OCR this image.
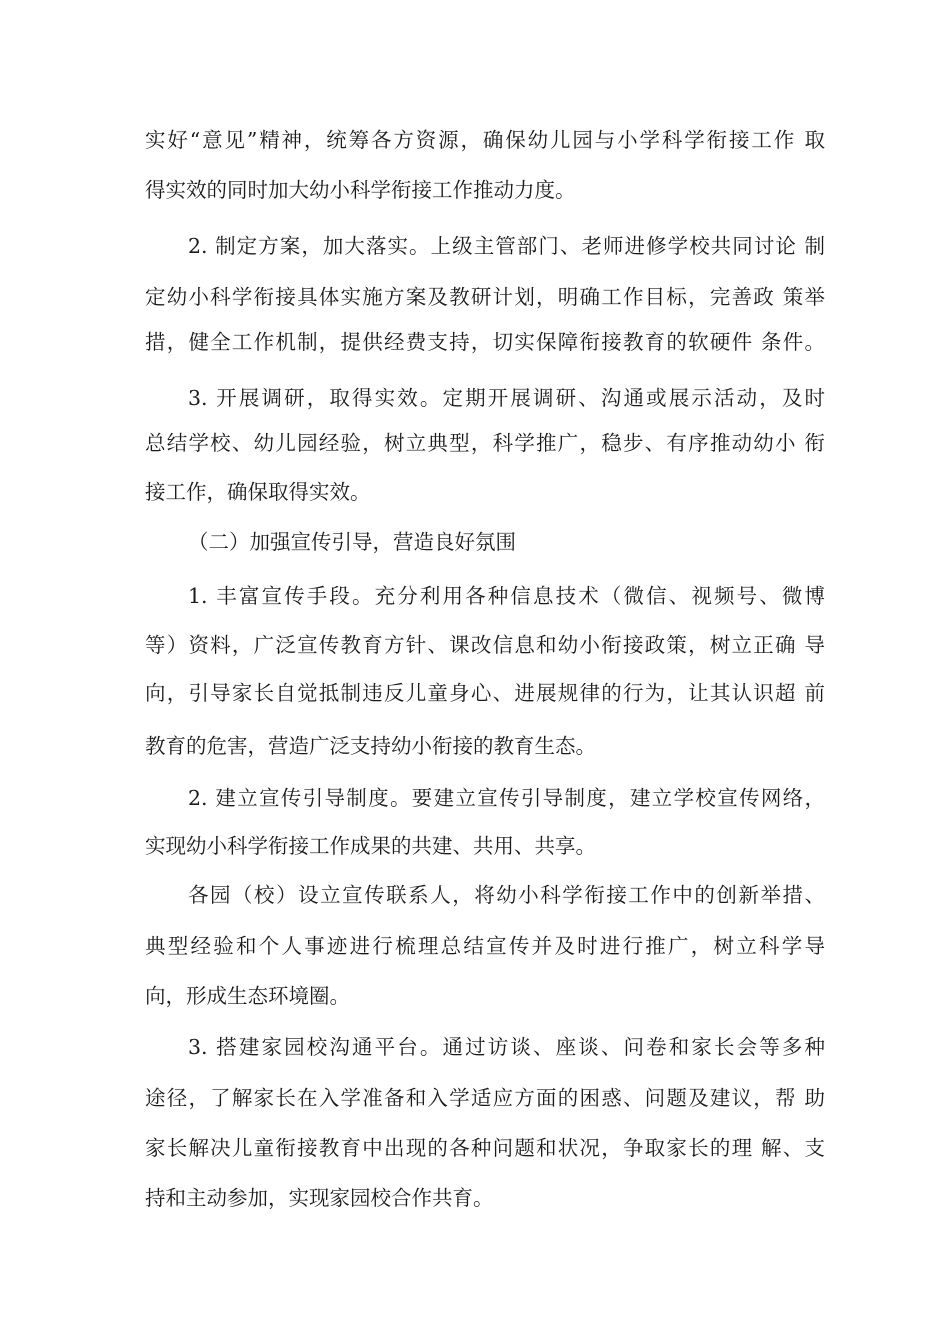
实好“意见”精神，统筹各方资源，确保幼儿园与小学科学衔接工作 取
得实效的同时加大幼小科学衔接工作推动力度。
2. 制定方案，加大落实。上级主管部门、老师进修学校共同讨论 制
定幼小科学衔接具体实施方案及教研计划，明确工作目标，完善政 策举
措，健全工作机制，提供经费支持，切实保障衔接教育的软硬件 条件。
3. 开展调研，取得实效。定期开展调研、沟通或展示活动，及时
总结学校、幼儿园经验，树立典型，科学推广，稳步、有序推动幼小 衔
接工作，确保取得实效。
（二）加强宣传引导，营造良好氛围
1. 丰富宣传手段。充分利用各种信息技术（微信、视频号、微博
等）资料，广泛宣传教育方针、课改信息和幼小衔接政策，树立正确 导
向，引导家长自觉抵制违反儿童身心、进展规律的行为，让其认识超 前
教育的危害，营造广泛支持幼小衔接的教育生态。
2. 建立宣传引导制度。要建立宣传引导制度，建立学校宣传网络，
实现幼小科学衔接工作成果的共建、共用、共享。
各园（校）设立宣传联系人，将幼小科学衔接工作中的创新举措、
典型经验和个人事迹进行梳理总结宣传并及时进行推广，树立科学导
向，形成生态环境圈。
3. 搭建家园校沟通平台。通过访谈、座谈、问卷和家长会等多种
途径，了解家长在入学准备和入学适应方面的困惑、问题及建议，帮 助
家长解决儿童衔接教育中出现的各种问题和状况，争取家长的理 解、支
持和主动参加，实现家园校合作共育。
